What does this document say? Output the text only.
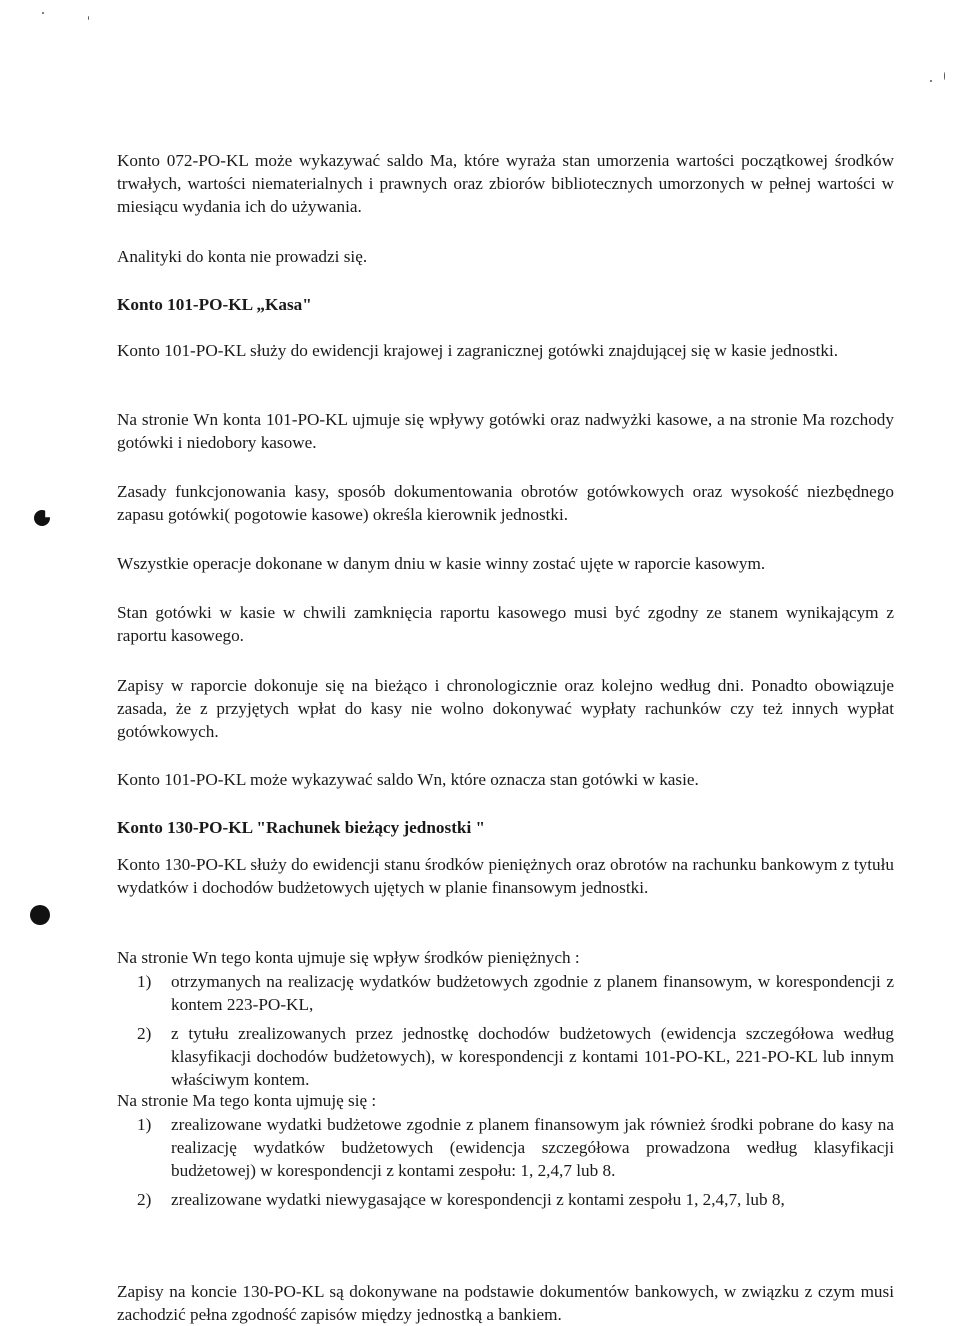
Konto 072-PO-KL może wykazywać saldo Ma, które wyraża stan umorzenia wartości początkowej środków trwałych, wartości niematerialnych i prawnych oraz zbiorów bibliotecznych umorzonych w pełnej wartości w miesiącu wydania ich do używania.

Analityki do konta nie prowadzi się.

Konto 101-PO-KL „Kasa"

Konto 101-PO-KL służy do ewidencji krajowej i zagranicznej gotówki znajdującej się w kasie jednostki.

Na stronie Wn konta 101-PO-KL ujmuje się wpływy gotówki oraz nadwyżki kasowe, a na stronie Ma rozchody gotówki i niedobory kasowe.

Zasady funkcjonowania kasy, sposób dokumentowania obrotów gotówkowych oraz wysokość niezbędnego zapasu gotówki( pogotowie kasowe) określa kierownik jednostki.

Wszystkie operacje dokonane w danym dniu w kasie winny zostać ujęte w raporcie kasowym.

Stan gotówki w kasie w chwili zamknięcia raportu kasowego musi być zgodny ze stanem wynikającym z raportu kasowego.

Zapisy w raporcie dokonuje się na bieżąco i chronologicznie oraz kolejno według dni. Ponadto obowiązuje zasada, że z przyjętych wpłat do kasy nie wolno dokonywać wypłaty rachunków czy też innych wypłat gotówkowych.

Konto 101-PO-KL może wykazywać saldo Wn, które oznacza stan gotówki w kasie.

Konto 130-PO-KL "Rachunek bieżący jednostki "

Konto 130-PO-KL służy do ewidencji stanu środków pieniężnych oraz obrotów na rachunku bankowym z tytułu wydatków i dochodów budżetowych ujętych w planie finansowym jednostki.

Na stronie Wn tego konta ujmuje się wpływ środków pieniężnych :

1) otrzymanych na realizację wydatków budżetowych zgodnie z planem finansowym, w korespondencji z kontem 223-PO-KL,
2) z tytułu zrealizowanych przez jednostkę dochodów budżetowych (ewidencja szczegółowa według klasyfikacji dochodów budżetowych), w korespondencji z kontami 101-PO-KL, 221-PO-KL lub innym właściwym kontem.

Na stronie Ma tego konta ujmuję się :

1) zrealizowane wydatki budżetowe zgodnie z planem finansowym jak również środki pobrane do kasy na realizację wydatków budżetowych (ewidencja szczegółowa prowadzona według klasyfikacji budżetowej) w korespondencji z kontami zespołu: 1, 2,4,7 lub 8.
2) zrealizowane wydatki niewygasające w korespondencji z kontami zespołu 1, 2,4,7, lub 8,

Zapisy na koncie 130-PO-KL są dokonywane na podstawie dokumentów bankowych, w związku z czym musi zachodzić pełna zgodność zapisów między jednostką a bankiem.
